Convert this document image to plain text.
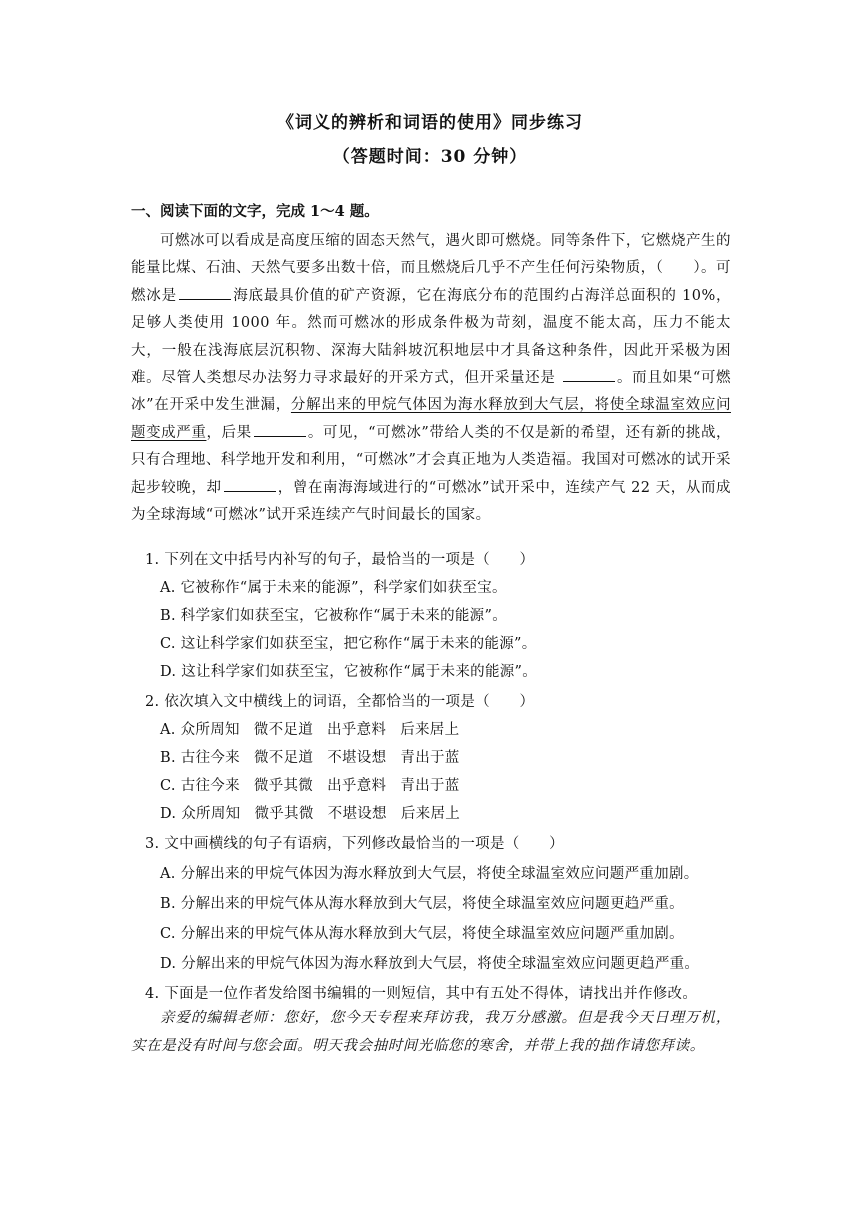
《词义的辨析和词语的使用》同步练习
（答题时间：30 分钟）
一、阅读下面的文字，完成 1～4 题。

可燃冰可以看成是高度压缩的固态天然气，遇火即可燃烧。同等条件下，它燃烧产生的能量比煤、石油、天然气要多出数十倍，而且燃烧后几乎不产生任何污染物质，（　　）。可燃冰是	海底最具价值的矿产资源，它在海底分布的范围约占海洋总面积的 10%，足够人类使用 1000 年。然而可燃冰的形成条件极为苛刻，温度不能太高，压力不能太大，一般在浅海底层沉积物、深海大陆斜坡沉积地层中才具备这种条件，因此开采极为困难。尽管人类想尽办法努力寻求最好的开采方式，但开采量还是	。而且如果“可燃冰”在开采中发生泄漏，分解出来的甲烷气体因为海水释放到大气层，将使全球温室效应问题变成严重，后果	。可见，“可燃冰”带给人类的不仅是新的希望，还有新的挑战，只有合理地、科学地开发和利用，“可燃冰”才会真正地为人类造福。我国对可燃冰的试开采起步较晚，却	，曾在南海海域进行的“可燃冰”试开采中，连续产气 22 天，从而成为全球海域“可燃冰”试开采连续产气时间最长的国家。

1. 下列在文中括号内补写的句子，最恰当的一项是（　　）
A. 它被称作“属于未来的能源”，科学家们如获至宝。
B. 科学家们如获至宝，它被称作“属于未来的能源”。
C. 这让科学家们如获至宝，把它称作“属于未来的能源”。
D. 这让科学家们如获至宝，它被称作“属于未来的能源”。
2. 依次填入文中横线上的词语，全都恰当的一项是（　　）
A. 众所周知 微不足道 出乎意料 后来居上
B. 古往今来 微不足道 不堪设想 青出于蓝
C. 古往今来 微乎其微 出乎意料 青出于蓝
D. 众所周知 微乎其微 不堪设想 后来居上
3. 文中画横线的句子有语病，下列修改最恰当的一项是（　　）
A. 分解出来的甲烷气体因为海水释放到大气层，将使全球温室效应问题严重加剧。
B. 分解出来的甲烷气体从海水释放到大气层，将使全球温室效应问题更趋严重。
C. 分解出来的甲烷气体从海水释放到大气层，将使全球温室效应问题严重加剧。
D. 分解出来的甲烷气体因为海水释放到大气层，将使全球温室效应问题更趋严重。
4. 下面是一位作者发给图书编辑的一则短信，其中有五处不得体，请找出并作修改。
亲爱的编辑老师：您好，您今天专程来拜访我，我万分感激。但是我今天日理万机，实在是没有时间与您会面。明天我会抽时间光临您的寒舍，并带上我的拙作请您拜读。
